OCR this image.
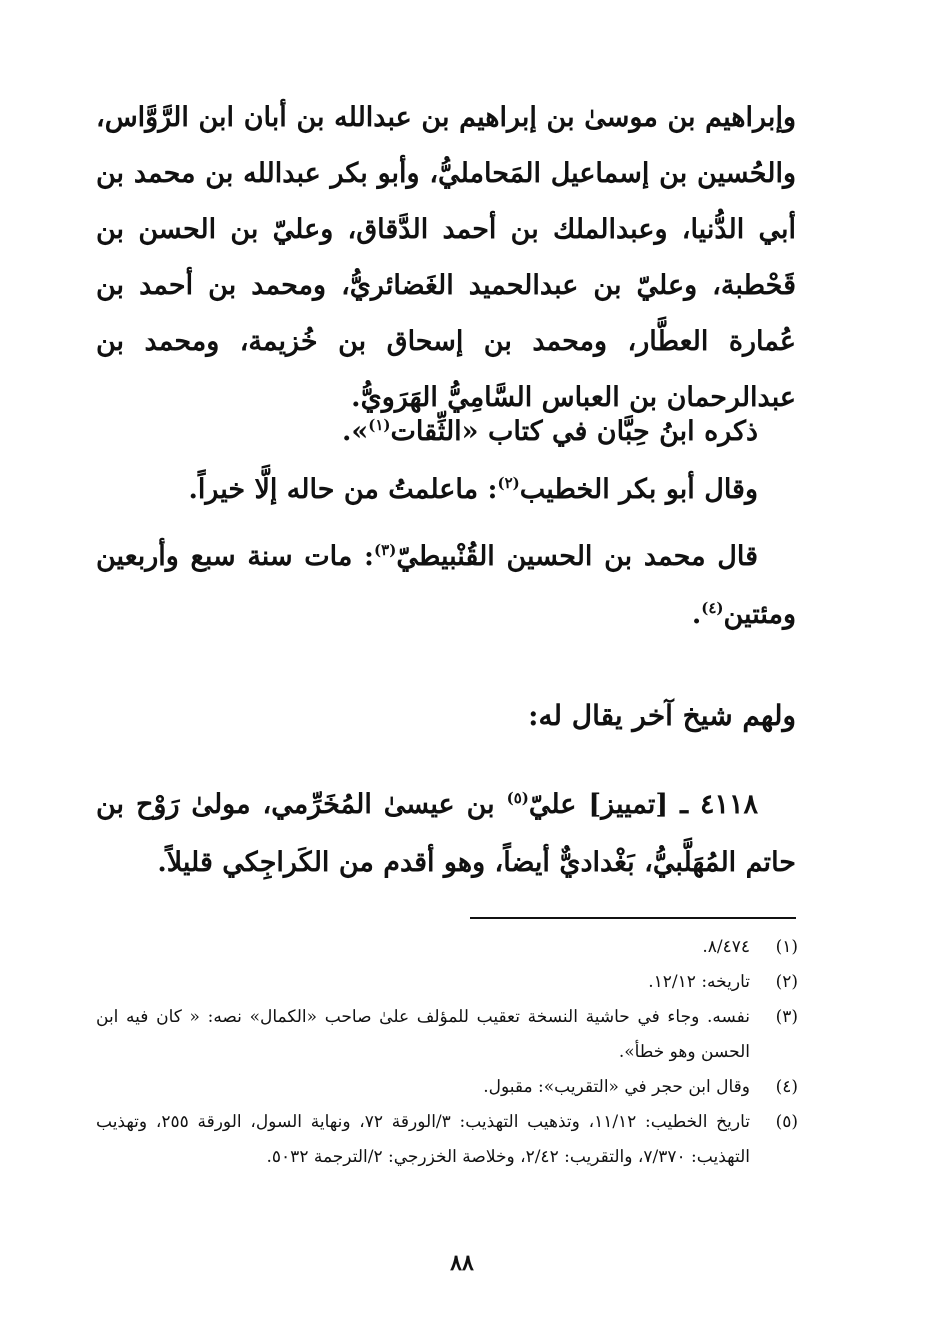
وإبراهيم بن موسىٰ بن إبراهيم بن عبدالله بن أبان ابن الرَّوَّاس، والحُسين بن إسماعيل المَحامليُّ، وأبو بكر عبدالله بن محمد بن أبي الدُّنيا، وعبدالملك بن أحمد الدَّقاق، وعليّ بن الحسن بن قَحْطبة، وعليّ بن عبدالحميد الغَضائريُّ، ومحمد بن أحمد بن عُمارة العطَّار، ومحمد بن إسحاق بن خُزيمة، ومحمد بن عبدالرحمان بن العباس السَّامِيُّ الهَرَويُّ.
ذكره ابنُ حِبَّان في كتاب «الثِّقات$^{(١)}$».
وقال أبو بكر الخطيب$^{(٢)}$: ماعلمتُ من حاله إلَّا خيراً.
قال محمد بن الحسين القُنْبيطيّ$^{(٣)}$: مات سنة سبع وأربعين ومئتين$^{(٤)}$.
ولهم شيخ آخر يقال له:
٤١١٨ ـ [تمييز] عليّ$^{(٥)}$ بن عيسىٰ المُخَرِّمي، مولىٰ رَوْح بن حاتم المُهَلَّبيُّ، بَغْداديٌّ أيضاً، وهو أقدم من الكَراجِكي قليلاً.
(١)
٨/٤٧٤.
(٢)
تاريخه: ١٢/١٢.
(٣)
نفسه. وجاء في حاشية النسخة تعقيب للمؤلف علىٰ صاحب «الكمال» نصه: « كان فيه ابن الحسن وهو خطأ».
(٤)
وقال ابن حجر في «التقريب»: مقبول.
(٥)
تاريخ الخطيب: ١١/١٢، وتذهيب التهذيب: ٣/الورقة ٧٢، ونهاية السول، الورقة ٢٥٥، وتهذيب التهذيب: ٧/٣٧٠، والتقريب: ٢/٤٢، وخلاصة الخزرجي: ٢/الترجمة ٥٠٣٢.
٨٨
